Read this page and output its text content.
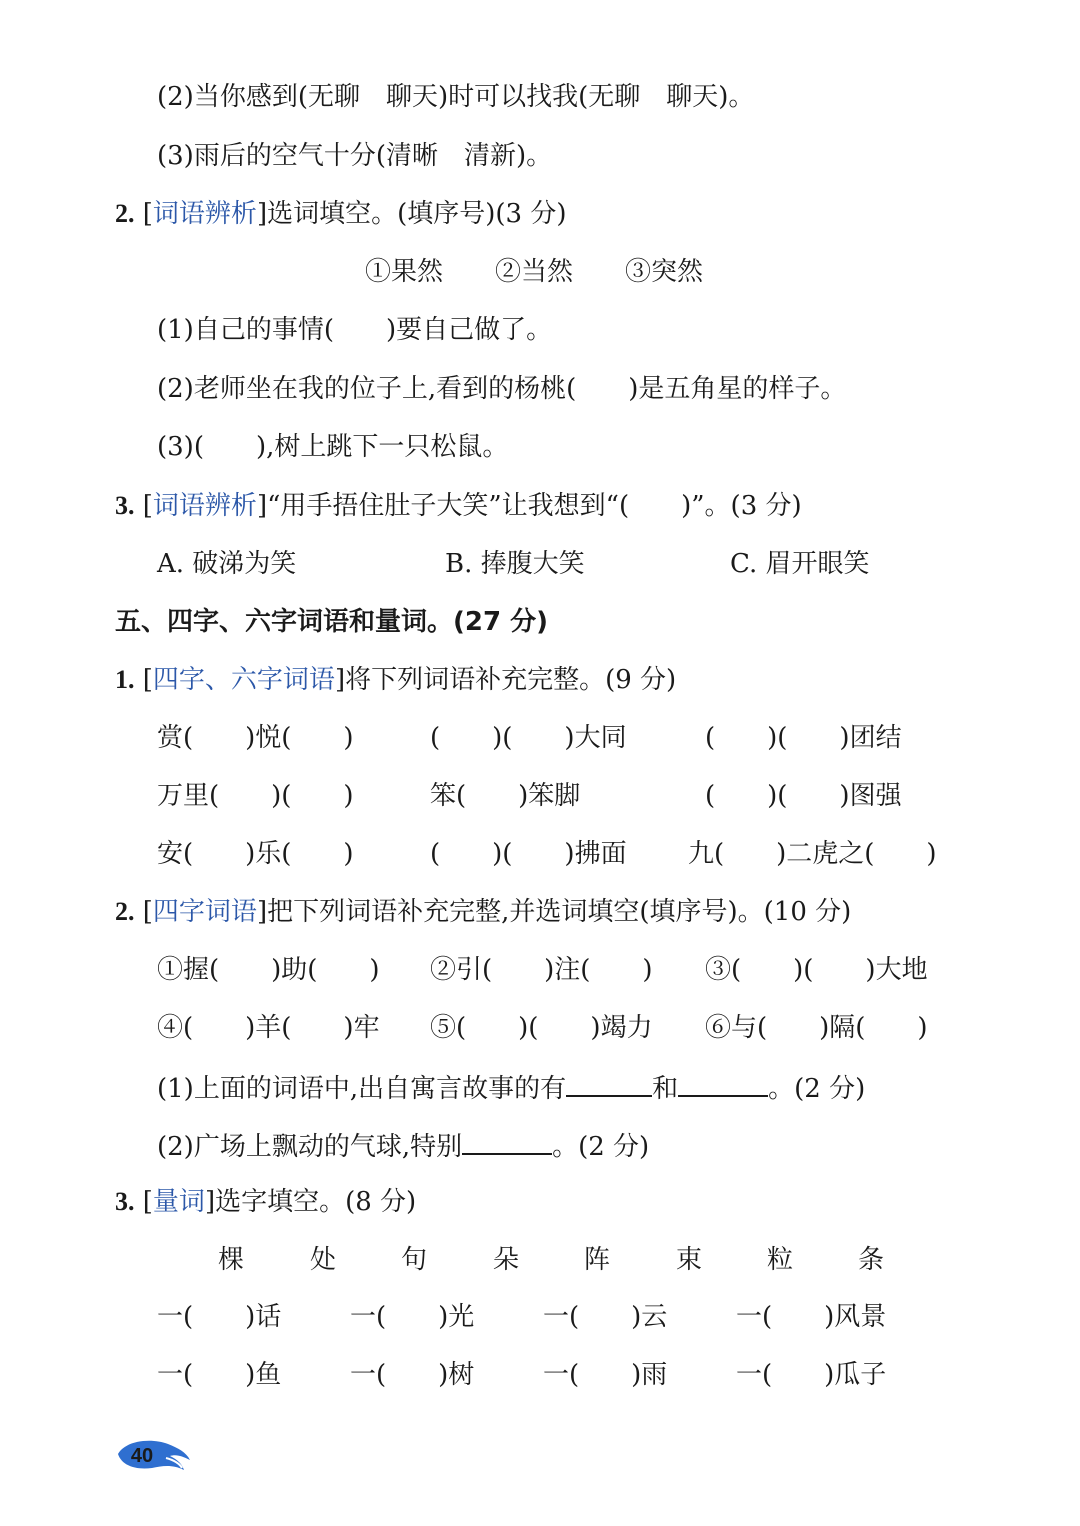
(2)当你感到(无聊　聊天)时可以找我(无聊　聊天)。
(3)雨后的空气十分(清晰　清新)。
2. [词语辨析]选词填空。(填序号)(3 分)
①果然　　②当然　　③突然
(1)自己的事情(　　)要自己做了。
(2)老师坐在我的位子上,看到的杨桃(　　)是五角星的样子。
(3)(　　),树上跳下一只松鼠。
3. [词语辨析]“用手捂住肚子大笑”让我想到“(　　)”。(3 分)
A. 破涕为笑	B. 捧腹大笑	C. 眉开眼笑
五、四字、六字词语和量词。(27 分)
1. [四字、六字词语]将下列词语补充完整。(9 分)
赏(　　)悦(　　)	(　　)(　　)大同	(　　)(　　)团结
万里(　　)(　　)	笨(　　)笨脚	(　　)(　　)图强
安(　　)乐(　　)	(　　)(　　)拂面 九(　　)二虎之(　　)
2. [四字词语]把下列词语补充完整,并选词填空(填序号)。(10 分)
①握(　　)助(　　) ②引(　　)注(　　) ③(　　)(　　)大地
④(　　)羊(　　)牢 ⑤(　　)(　　)竭力 ⑥与(　　)隔(　　)
(1)上面的词语中,出自寓言故事的有	和	。(2 分)
(2)广场上飘动的气球,特别	。(2 分)
3. [量词]选字填空。(8 分)
棵	处 句	朵 阵	束 粒 条
一(　　)话	一(　　)光	一(　　)云	一(　　)风景
一(　　)鱼	一(　　)树	一(　　)雨	一(　　)瓜子
40
